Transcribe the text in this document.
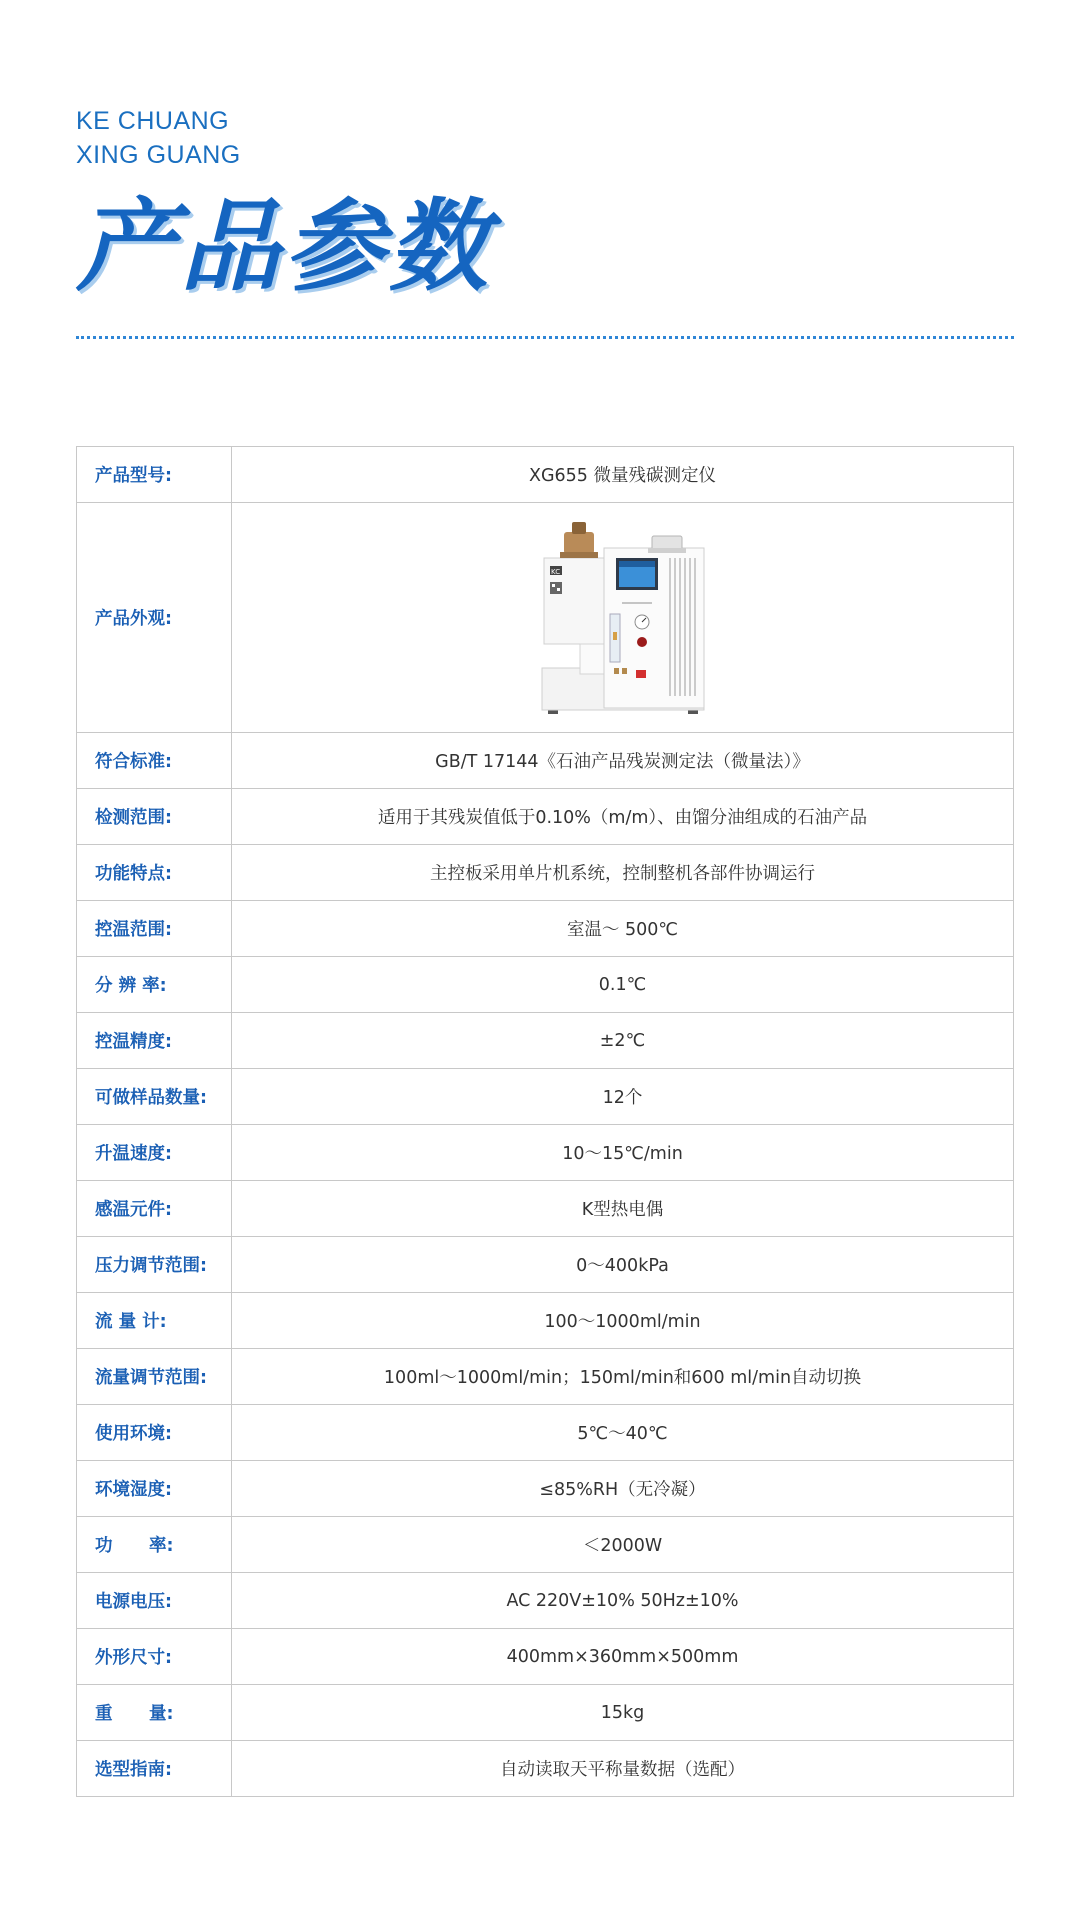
KE CHUANG
XING GUANG
产品参数
产品型号:	XG655 微量残碳测定仪
产品外观:	KC

符合标准:	GB/T 17144《石油产品残炭测定法（微量法）》
检测范围:	适用于其残炭值低于0.10%（m/m）、由馏分油组成的石油产品
功能特点:	主控板采用单片机系统，控制整机各部件协调运行
控温范围:	室温～ 500℃
分 辨 率:	0.1℃
控温精度:	±2℃
可做样品数量:	12个
升温速度:	10～15℃/min
感温元件:	K型热电偶
压力调节范围:	0～400kPa
流 量 计:	100～1000ml/min
流量调节范围:	100ml～1000ml/min；150ml/min和600 ml/min自动切换
使用环境:	5℃～40℃
环境湿度:	≤85%RH（无冷凝）
功      率:	＜2000W
电源电压:	AC 220V±10% 50Hz±10%
外形尺寸:	400mm×360mm×500mm
重      量:	15kg
选型指南:	自动读取天平称量数据（选配）
